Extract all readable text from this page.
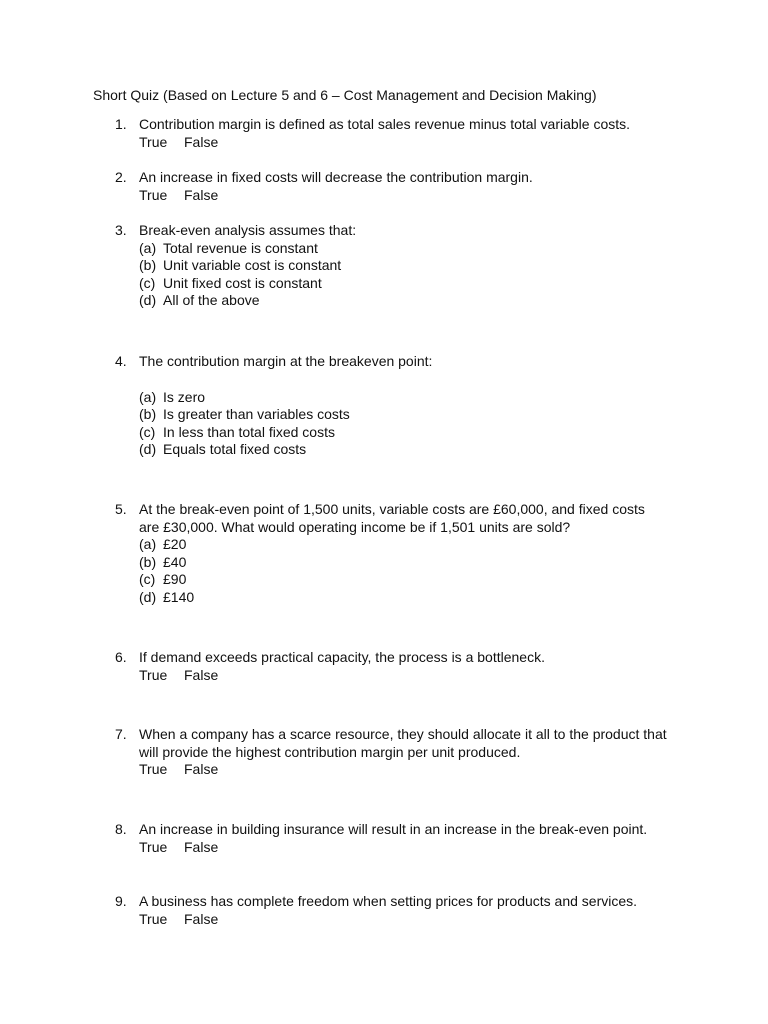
Short Quiz (Based on Lecture 5 and 6 – Cost Management and Decision Making)
1. Contribution margin is defined as total sales revenue minus total variable costs.
True False
2. An increase in fixed costs will decrease the contribution margin.
True False
3. Break-even analysis assumes that:
(a) Total revenue is constant
(b) Unit variable cost is constant
(c) Unit fixed cost is constant
(d) All of the above
4. The contribution margin at the breakeven point:
(a) Is zero
(b) Is greater than variables costs
(c) In less than total fixed costs
(d) Equals total fixed costs
5. At the break-even point of 1,500 units, variable costs are £60,000, and fixed costs are £30,000. What would operating income be if 1,501 units are sold?
(a) £20
(b) £40
(c) £90
(d) £140
6. If demand exceeds practical capacity, the process is a bottleneck.
True False
7. When a company has a scarce resource, they should allocate it all to the product that will provide the highest contribution margin per unit produced.
True False
8. An increase in building insurance will result in an increase in the break-even point.
True False
9. A business has complete freedom when setting prices for products and services.
True False
